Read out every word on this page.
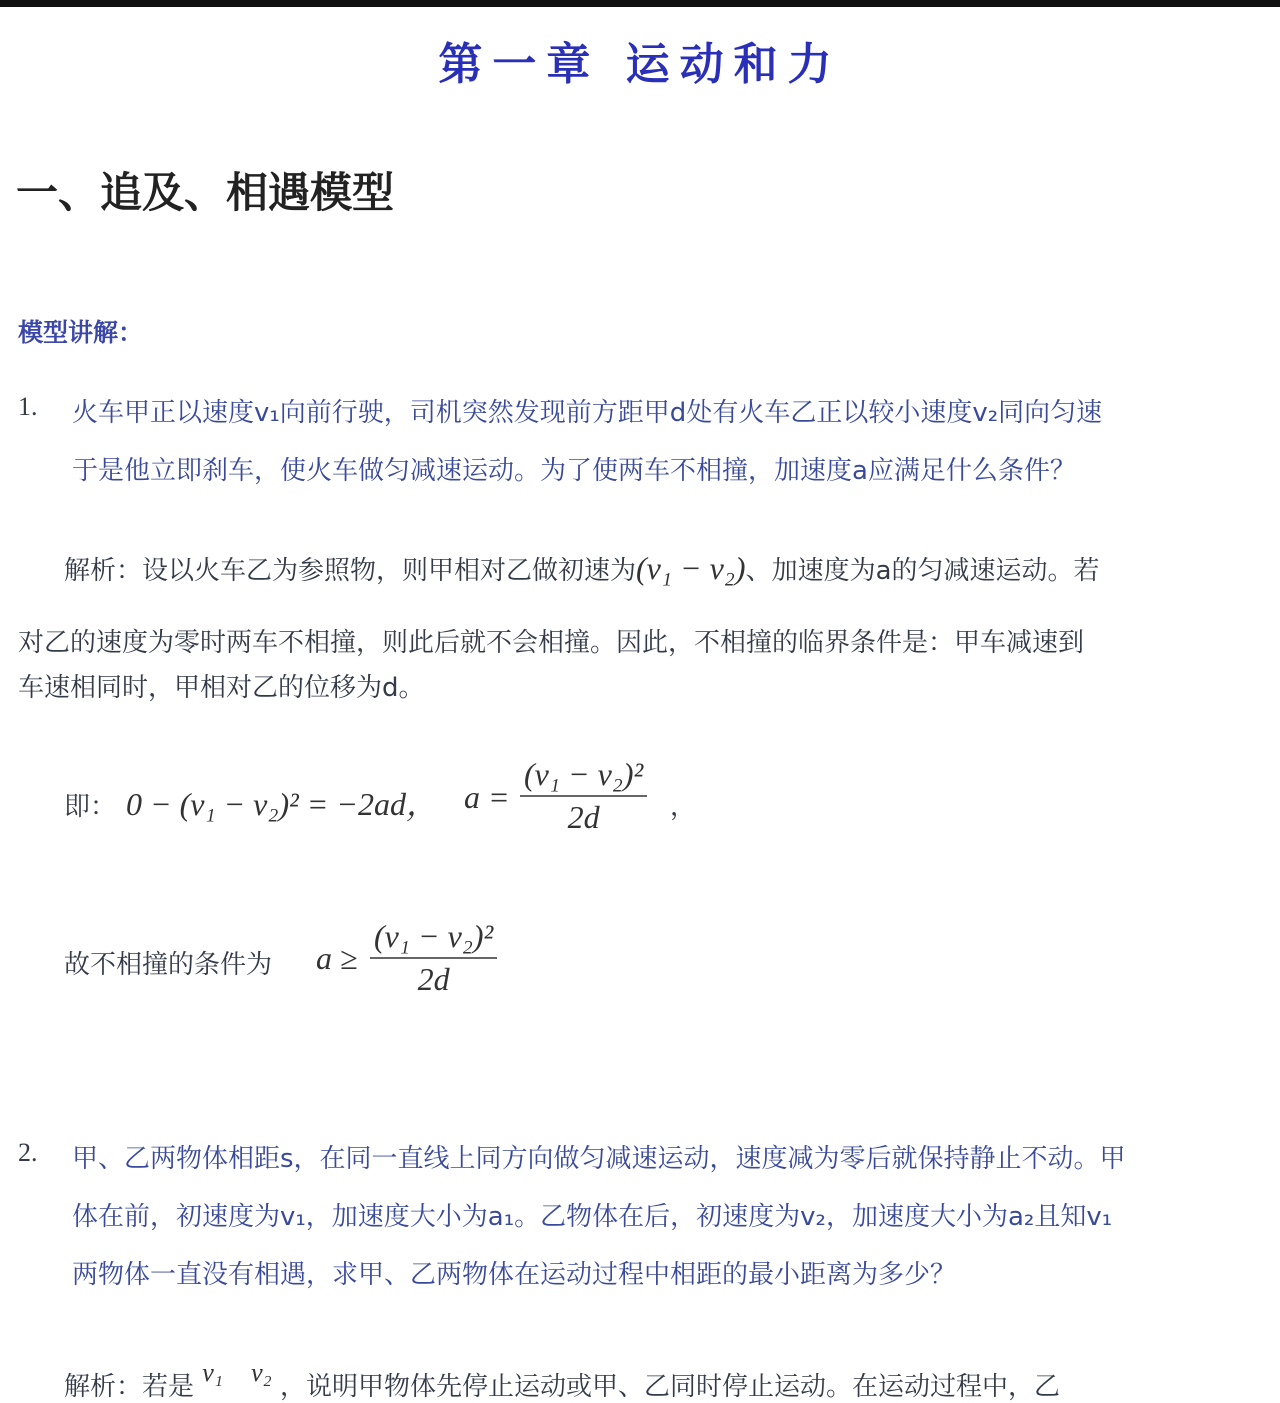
第一章 运动和力
一、追及、相遇模型
模型讲解：
1. 火车甲正以速度v₁向前行驶，司机突然发现前方距甲d处有火车乙正以较小速度v₂同向匀速
于是他立即刹车，使火车做匀减速运动。为了使两车不相撞，加速度a应满足什么条件？
解析：设以火车乙为参照物，则甲相对乙做初速为(v₁ − v₂)、加速度为a的匀减速运动。若
对乙的速度为零时两车不相撞，则此后就不会相撞。因此，不相撞的临界条件是：甲车减速到
车速相同时，甲相对乙的位移为d。
即： 0 − (v₁ − v₂)² = −2ad， a =
(v₁ − v₂)²
2d	，
故不相撞的条件为 a ≥
(v₁ − v₂)²
2d
2. 甲、乙两物体相距s，在同一直线上同方向做匀减速运动，速度减为零后就保持静止不动。甲
体在前，初速度为v₁，加速度大小为a₁。乙物体在后，初速度为v₂，加速度大小为a₂且知v₁
两物体一直没有相遇，求甲、乙两物体在运动过程中相距的最小距离为多少？
解析：若是 v₁ v₂ ，说明甲物体先停止运动或甲、乙同时停止运动。在运动过程中，乙
